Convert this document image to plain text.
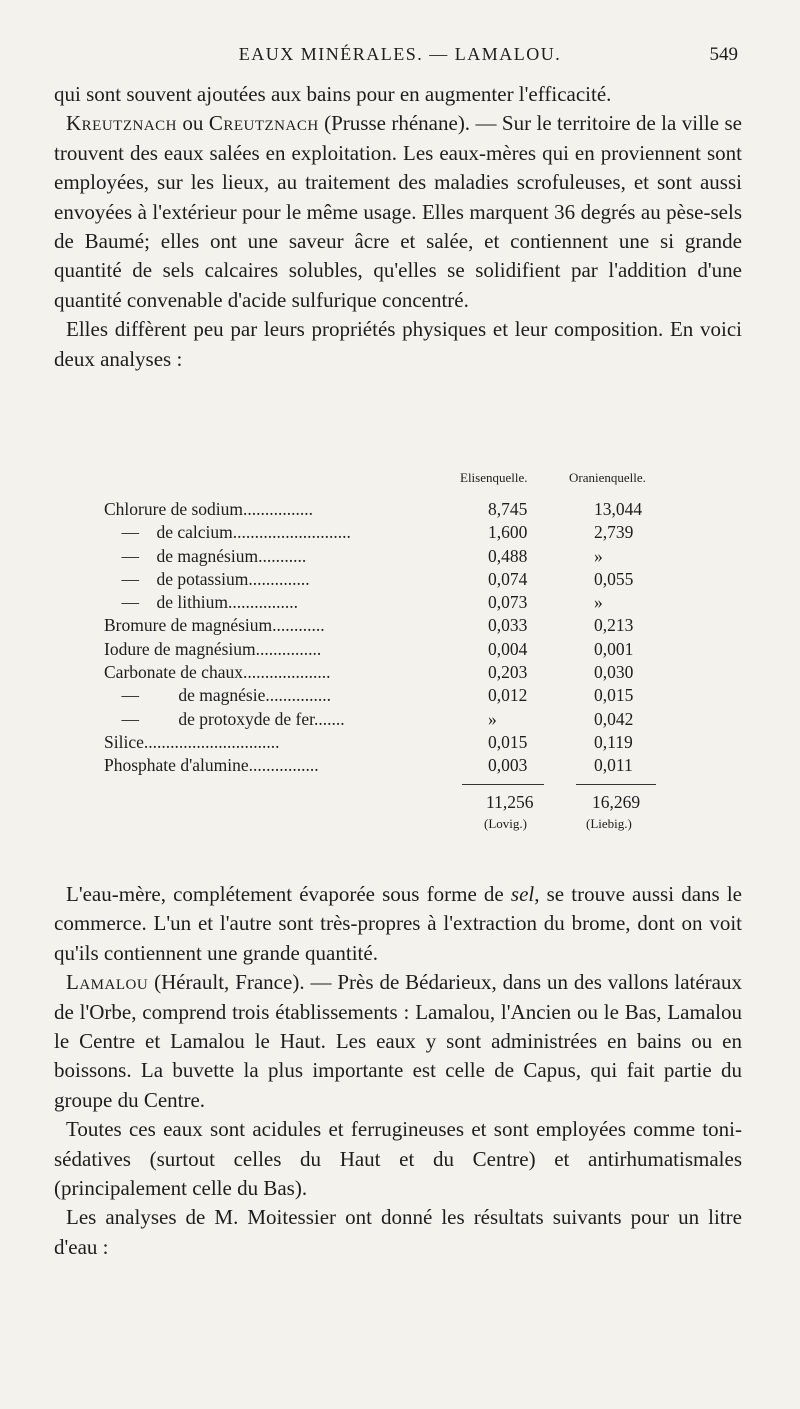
EAUX MINÉRALES. — LAMALOU.	549

qui sont souvent ajoutées aux bains pour en augmenter l'efficacité.

Kreutznach ou Creutznach (Prusse rhénane). — Sur le territoire de la ville se trouvent des eaux salées en exploitation. Les eaux-mères qui en proviennent sont employées, sur les lieux, au traitement des maladies scrofuleuses, et sont aussi envoyées à l'extérieur pour le même usage. Elles marquent 36 degrés au pèse-sels de Baumé; elles ont une saveur âcre et salée, et contiennent une si grande quantité de sels calcaires solubles, qu'elles se solidifient par l'addition d'une quantité convenable d'acide sulfurique concentré.

Elles diffèrent peu par leurs propriétés physiques et leur composition. En voici deux analyses :

Elisenquelle.	Oranienquelle.
Chlorure de sodium................	8,745	13,044
—    de calcium...........................	1,600	2,739
—    de magnésium...........	0,488	»
—    de potassium..............	0,074	0,055
—    de lithium................	0,073	»
Bromure de magnésium............	0,033	0,213
Iodure de magnésium...............	0,004	0,001
Carbonate de chaux....................	0,203	0,030
—         de magnésie...............	0,012	0,015
—         de protoxyde de fer.......	»	0,042
Silice...............................	0,015	0,119
Phosphate d'alumine................	0,003	0,011
11,256	16,269
(Lovig.)	(Liebig.)

L'eau-mère, complétement évaporée sous forme de sel, se trouve aussi dans le commerce. L'un et l'autre sont très-propres à l'extraction du brome, dont on voit qu'ils contiennent une grande quantité.

Lamalou (Hérault, France). — Près de Bédarieux, dans un des vallons latéraux de l'Orbe, comprend trois établissements : Lamalou, l'Ancien ou le Bas, Lamalou le Centre et Lamalou le Haut. Les eaux y sont administrées en bains ou en boissons. La buvette la plus importante est celle de Capus, qui fait partie du groupe du Centre.

Toutes ces eaux sont acidules et ferrugineuses et sont employées comme toni-sédatives (surtout celles du Haut et du Centre) et antirhumatismales (principalement celle du Bas).

Les analyses de M. Moitessier ont donné les résultats suivants pour un litre d'eau :
